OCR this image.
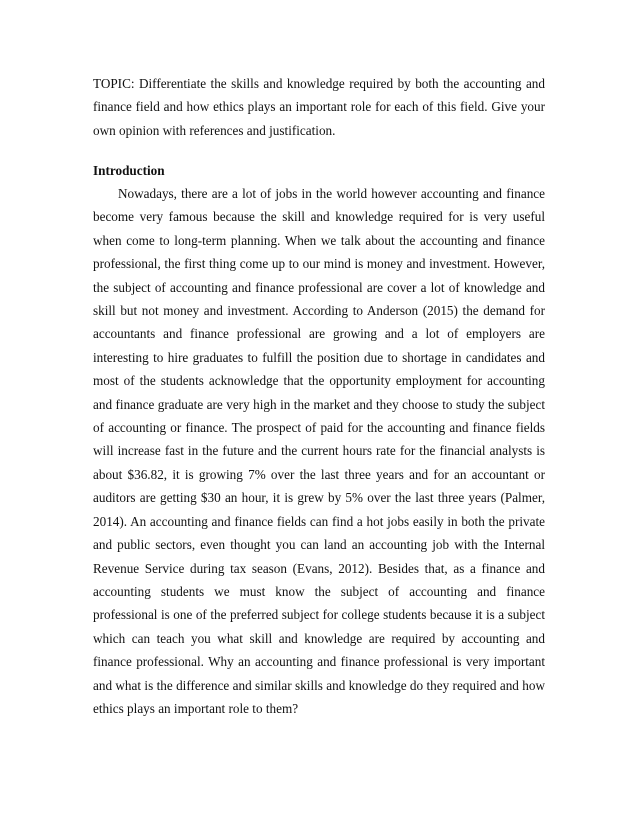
TOPIC: Differentiate the skills and knowledge required by both the accounting and finance field and how ethics plays an important role for each of this field. Give your own opinion with references and justification.

Introduction

Nowadays, there are a lot of jobs in the world however accounting and finance become very famous because the skill and knowledge required for is very useful when come to long-term planning. When we talk about the accounting and finance professional, the first thing come up to our mind is money and investment. However, the subject of accounting and finance professional are cover a lot of knowledge and skill but not money and investment. According to Anderson (2015) the demand for accountants and finance professional are growing and a lot of employers are interesting to hire graduates to fulfill the position due to shortage in candidates and most of the students acknowledge that the opportunity employment for accounting and finance graduate are very high in the market and they choose to study the subject of accounting or finance. The prospect of paid for the accounting and finance fields will increase fast in the future and the current hours rate for the financial analysts is about $36.82, it is growing 7% over the last three years and for an accountant or auditors are getting $30 an hour, it is grew by 5% over the last three years (Palmer, 2014). An accounting and finance fields can find a hot jobs easily in both the private and public sectors, even thought you can land an accounting job with the Internal Revenue Service during tax season (Evans, 2012). Besides that, as a finance and accounting students we must know the subject of accounting and finance professional is one of the preferred subject for college students because it is a subject which can teach you what skill and knowledge are required by accounting and finance professional. Why an accounting and finance professional is very important and what is the difference and similar skills and knowledge do they required and how ethics plays an important role to them?
